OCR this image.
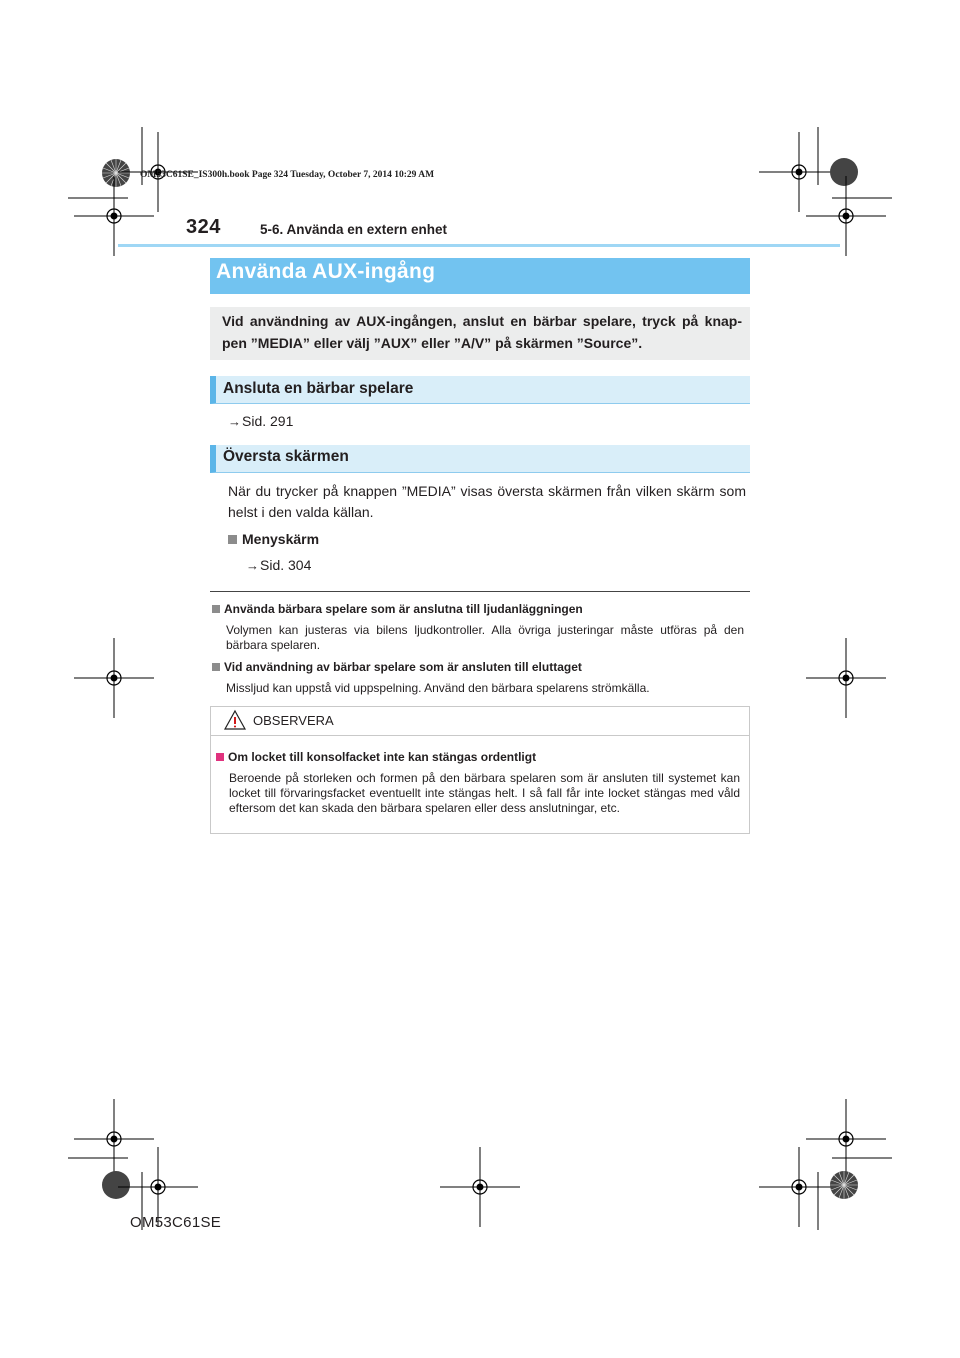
OM53C61SE_IS300h.book Page 324 Tuesday, October 7, 2014 10:29 AM
324	5-6. Använda en extern enhet
Använda AUX-ingång
Vid användning av AUX-ingången, anslut en bärbar spelare, tryck på knap- pen ”MEDIA” eller välj ”AUX” eller ”A/V” på skärmen ”Source”.
Ansluta en bärbar spelare
→Sid. 291
Översta skärmen
När du trycker på knappen ”MEDIA” visas översta skärmen från vilken skärm som helst i den valda källan.
Menyskärm
→Sid. 304
Använda bärbara spelare som är anslutna till ljudanläggningen
Volymen kan justeras via bilens ljudkontroller. Alla övriga justeringar måste utföras på den bärbara spelaren.
Vid användning av bärbar spelare som är ansluten till eluttaget
Missljud kan uppstå vid uppspelning. Använd den bärbara spelarens strömkälla.
OBSERVERA
Om locket till konsolfacket inte kan stängas ordentligt
Beroende på storleken och formen på den bärbara spelaren som är ansluten till systemet kan locket till förvaringsfacket eventuellt inte stängas helt. I så fall får inte locket stängas med våld eftersom det kan skada den bärbara spelaren eller dess anslutningar, etc.
OM53C61SE
